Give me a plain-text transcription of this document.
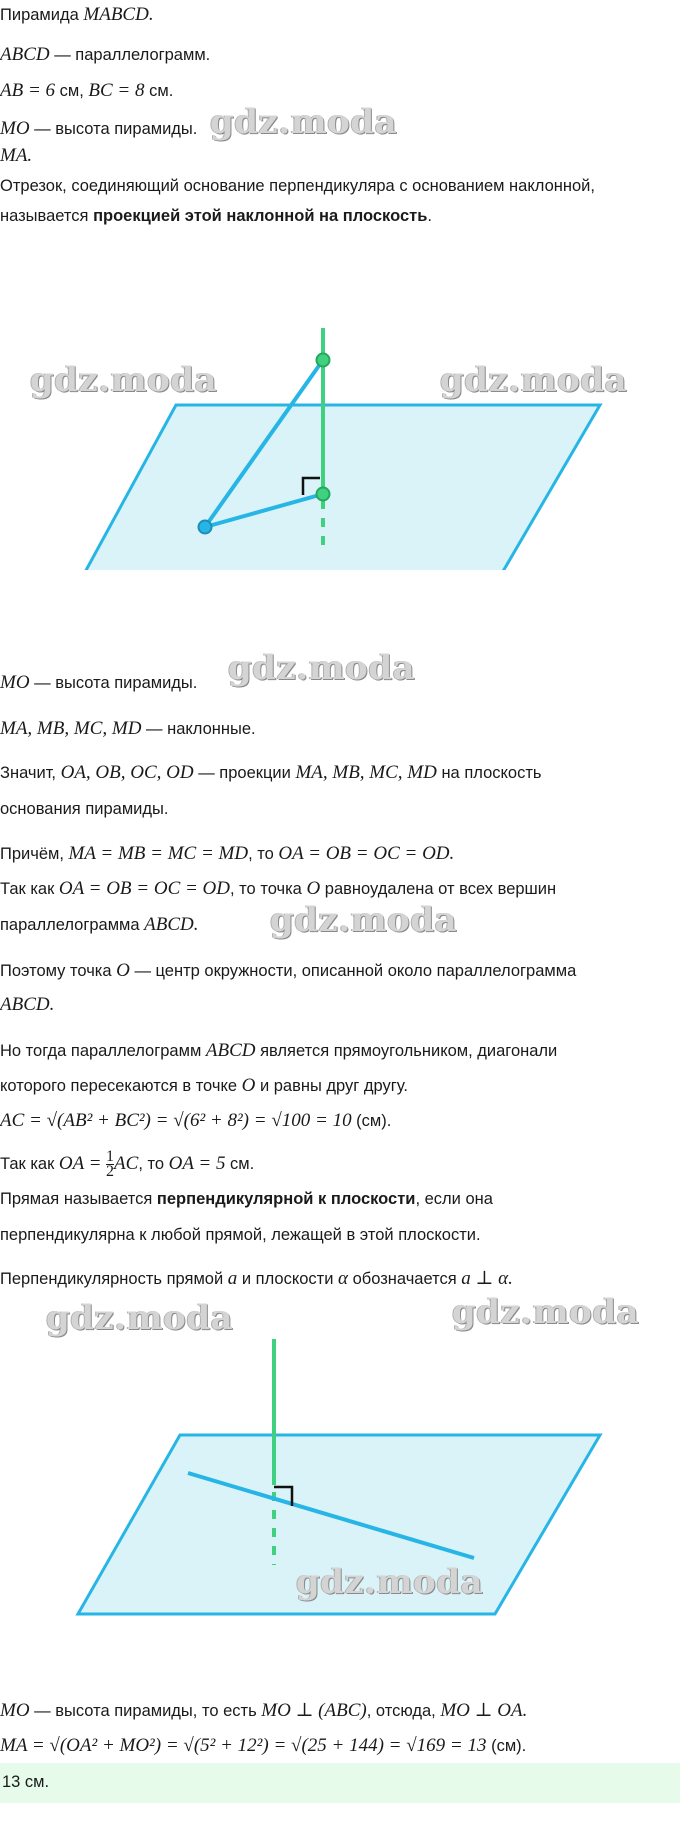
Пирамида MABCD.
ABCD — параллелограмм.
AB = 6 см, BC = 8 см.
MO — высота пирамиды.
MA.
Отрезок, соединяющий основание перпендикуляра с основанием наклонной,
называется проекцией этой наклонной на плоскость.
MO — высота пирамиды.
MA, MB, MC, MD — наклонные.
Значит, OA, OB, OC, OD — проекции MA, MB, MC, MD на плоскость
основания пирамиды.
Причём, MA = MB = MC = MD, то OA = OB = OC = OD.
Так как OA = OB = OC = OD, то точка O равноудалена от всех вершин
параллелограмма ABCD.
Поэтому точка O — центр окружности, описанной около параллелограмма
ABCD.
Но тогда параллелограмм ABCD является прямоугольником, диагонали
которого пересекаются в точке O и равны друг другу.
AC = √(AB² + BC²) = √(6² + 8²) = √100 = 10 (см).
Так как OA = $\frac{1}{2}$ AC, то OA = 5 см.
Прямая называется перпендикулярной к плоскости, если она
перпендикулярна к любой прямой, лежащей в этой плоскости.
Перпендикулярность прямой a и плоскости α обозначается a ⊥ α.
MO — высота пирамиды, то есть MO ⊥ (ABC), отсюда, MO ⊥ OA.
MA = √(OA² + MO²) = √(5² + 12²) = √(25 + 144) = √169 = 13 (см).
13 см.
gdz.moda
gdz.moda	gdz.moda
gdz.moda
gdz.moda
gdz.moda	gdz.moda
gdz.moda
